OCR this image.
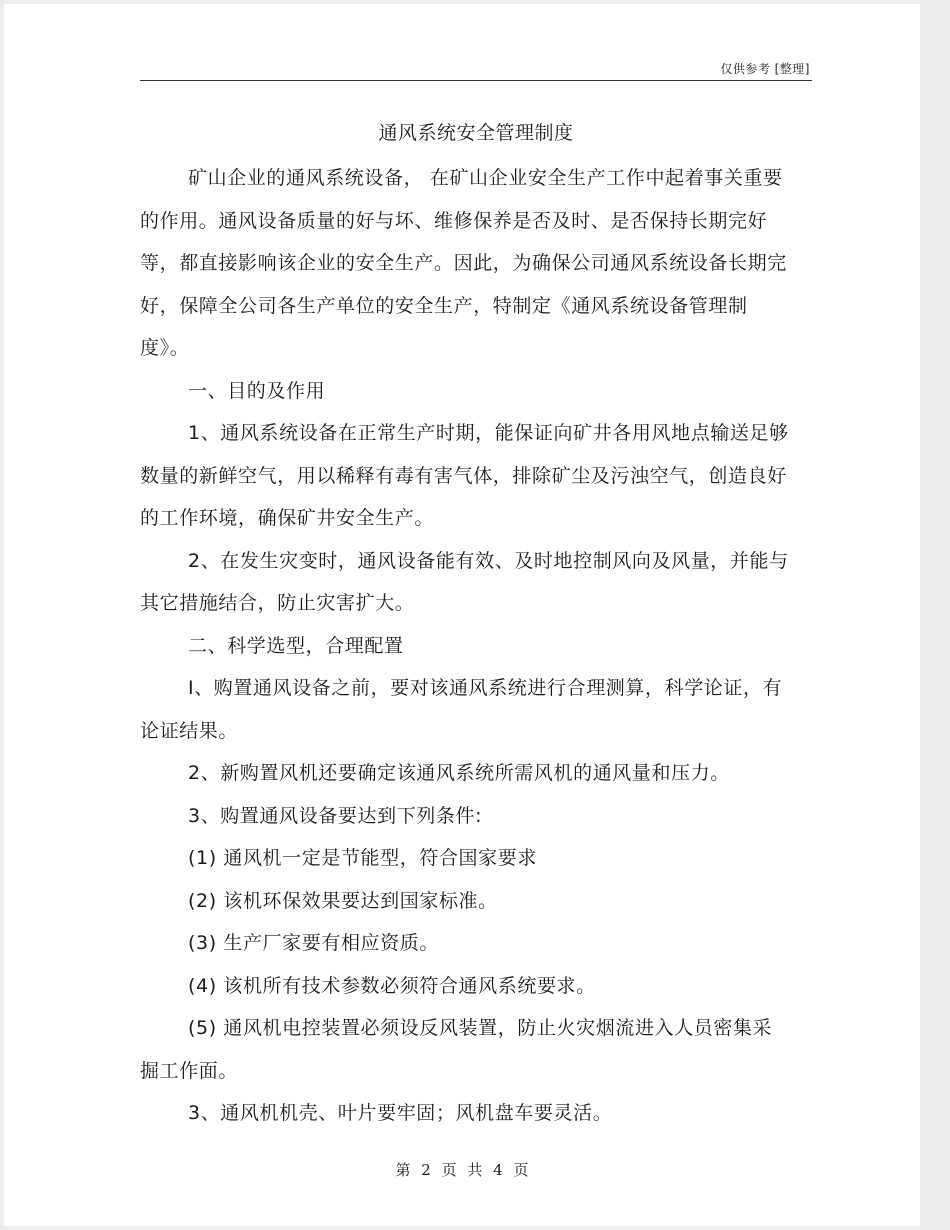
仅供参考 [整理]
通风系统安全管理制度

矿山企业的通风系统设备， 在矿山企业安全生产工作中起着事关重要的作用。通风设备质量的好与坏、维修保养是否及时、是否保持长期完好等，都直接影响该企业的安全生产。因此，为确保公司通风系统设备长期完好，保障全公司各生产单位的安全生产，特制定《通风系统设备管理制度》。

一、目的及作用

1、通风系统设备在正常生产时期，能保证向矿井各用风地点输送足够数量的新鲜空气，用以稀释有毒有害气体，排除矿尘及污浊空气，创造良好的工作环境，确保矿井安全生产。

2、在发生灾变时，通风设备能有效、及时地控制风向及风量，并能与其它措施结合，防止灾害扩大。

二、科学选型，合理配置

I、购置通风设备之前，要对该通风系统进行合理测算，科学论证，有论证结果。

2、新购置风机还要确定该通风系统所需风机的通风量和压力。

3、购置通风设备要达到下列条件:

(1) 通风机一定是节能型，符合国家要求

(2) 该机环保效果要达到国家标准。

(3) 生产厂家要有相应资质。

(4) 该机所有技术参数必须符合通风系统要求。

(5) 通风机电控装置必须设反风装置，防止火灾烟流进入人员密集采掘工作面。

3、通风机机壳、叶片要牢固；风机盘车要灵活。

第 2 页 共 4 页
